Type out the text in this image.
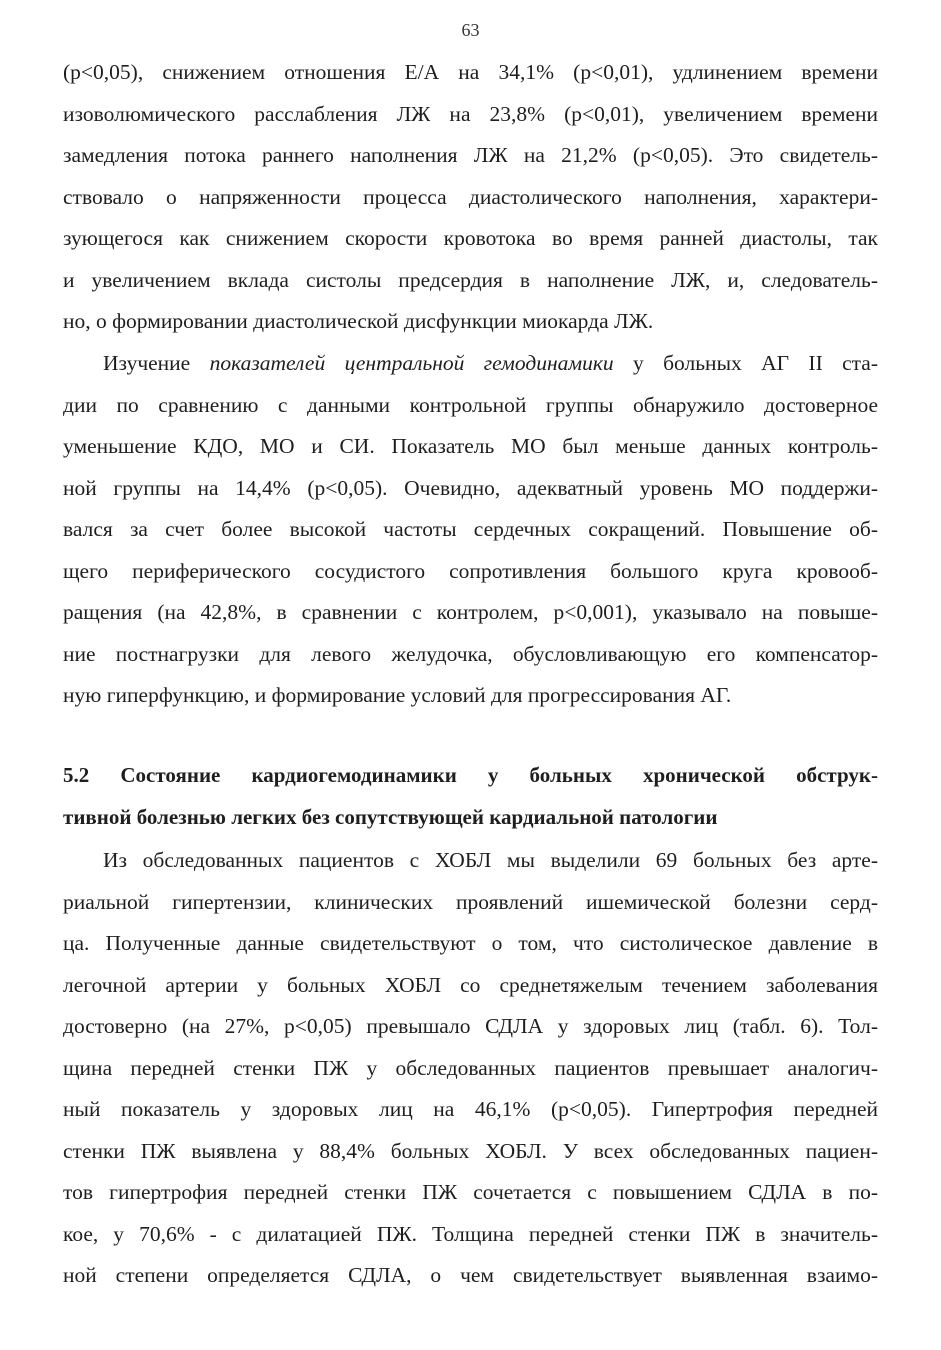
63
(p<0,05), снижением отношения Е/А на 34,1% (p<0,01), удлинением времени
изоволюмического расслабления ЛЖ на 23,8% (p<0,01), увеличением времени
замедления потока раннего наполнения ЛЖ на 21,2% (p<0,05). Это свидетель-
ствовало о напряженности процесса диастолического наполнения, характери-
зующегося как снижением скорости кровотока во время ранней диастолы, так
и увеличением вклада систолы предсердия в наполнение ЛЖ, и, следователь-
но, о формировании диастолической дисфункции миокарда ЛЖ.
Изучение показателей центральной гемодинамики у больных АГ II ста-
дии по сравнению с данными контрольной группы обнаружило достоверное
уменьшение КДО, МО и СИ. Показатель МО был меньше данных контроль-
ной группы на 14,4% (p<0,05). Очевидно, адекватный уровень МО поддержи-
вался за счет более высокой частоты сердечных сокращений. Повышение об-
щего периферического сосудистого сопротивления большого круга кровооб-
ращения (на 42,8%, в сравнении с контролем, p<0,001), указывало на повыше-
ние постнагрузки для левого желудочка, обусловливающую его компенсатор-
ную гиперфункцию, и формирование условий для прогрессирования АГ.
5.2 Состояние кардиогемодинамики у больных хронической обструк-
тивной болезнью легких без сопутствующей кардиальной патологии
Из обследованных пациентов с ХОБЛ мы выделили 69 больных без арте-
риальной гипертензии, клинических проявлений ишемической болезни серд-
ца. Полученные данные свидетельствуют о том, что систолическое давление в
легочной артерии у больных ХОБЛ со среднетяжелым течением заболевания
достоверно (на 27%, p<0,05) превышало СДЛА у здоровых лиц (табл. 6). Тол-
щина передней стенки ПЖ у обследованных пациентов превышает аналогич-
ный показатель у здоровых лиц на 46,1% (p<0,05). Гипертрофия передней
стенки ПЖ выявлена у 88,4% больных ХОБЛ. У всех обследованных пациен-
тов гипертрофия передней стенки ПЖ сочетается с повышением СДЛА в по-
кое, у 70,6% - с дилатацией ПЖ. Толщина передней стенки ПЖ в значитель-
ной степени определяется СДЛА, о чем свидетельствует выявленная взаимо-
